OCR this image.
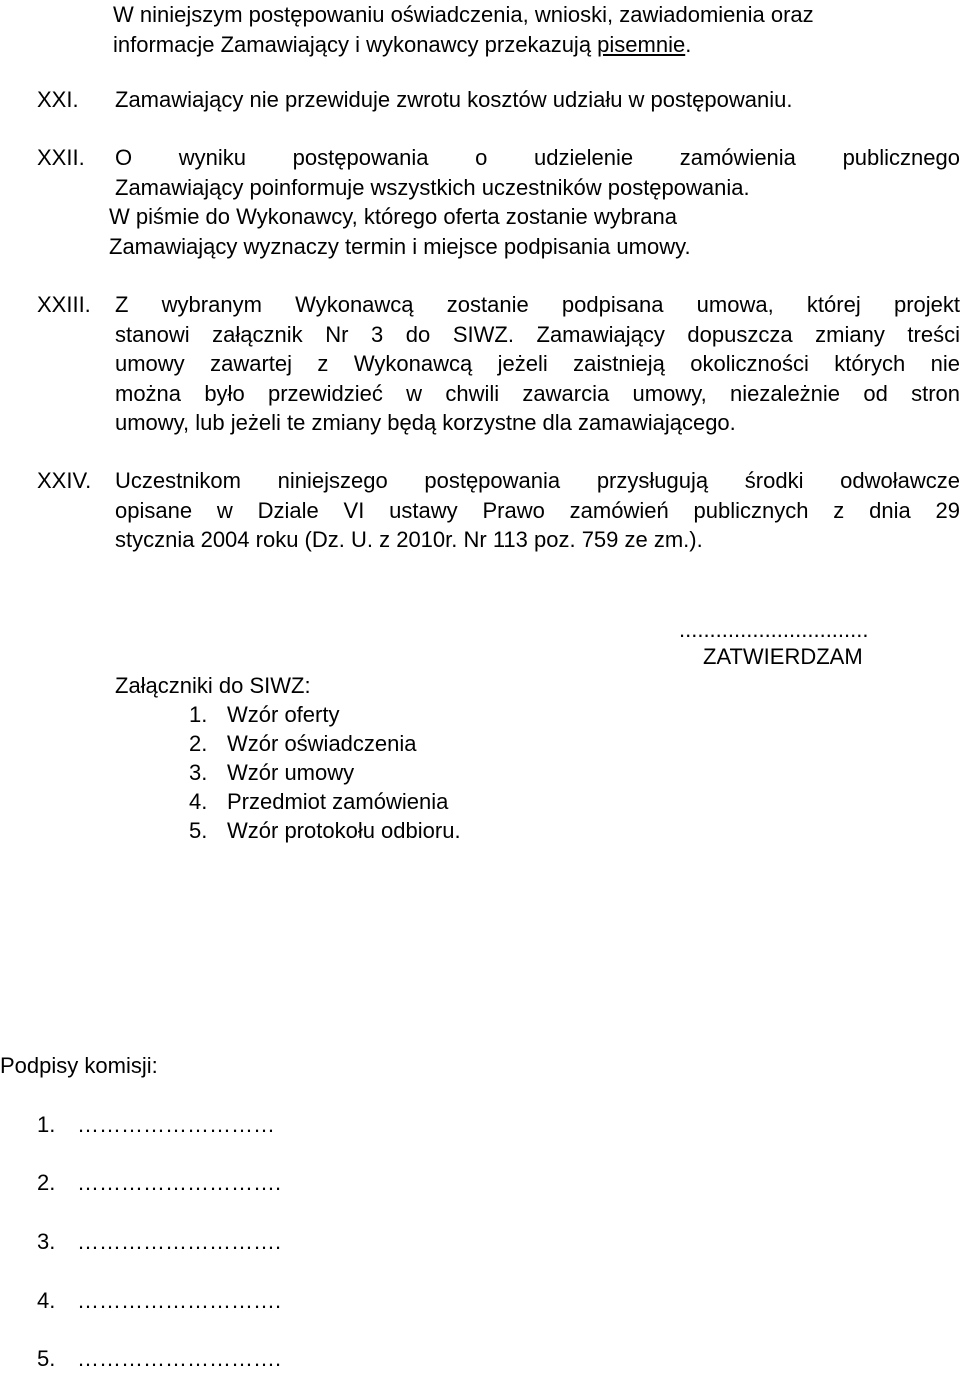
W niniejszym postępowaniu oświadczenia, wnioski, zawiadomienia oraz
informacje Zamawiający i wykonawcy przekazują pisemnie.
XXI. Zamawiający nie przewiduje zwrotu kosztów udziału w postępowaniu.
XXII. O wyniku postępowania o udzielenie zamówienia publicznego
Zamawiający poinformuje wszystkich uczestników postępowania.
W piśmie do Wykonawcy, którego oferta zostanie wybrana
Zamawiający wyznaczy termin i miejsce podpisania umowy.
XXIII. Z wybranym Wykonawcą zostanie podpisana umowa, której projekt
stanowi załącznik Nr 3 do SIWZ. Zamawiający dopuszcza zmiany treści
umowy zawartej z Wykonawcą jeżeli zaistnieją okoliczności których nie
można było przewidzieć w chwili zawarcia umowy, niezależnie od stron
umowy, lub jeżeli te zmiany będą korzystne dla zamawiającego.
XXIV. Uczestnikom niniejszego postępowania przysługują środki odwoławcze
opisane w Dziale VI ustawy Prawo zamówień publicznych z dnia 29
stycznia 2004 roku (Dz. U. z 2010r. Nr 113 poz. 759 ze zm.).
...............................
ZATWIERDZAM
Załączniki do SIWZ:
1. Wzór oferty
2. Wzór oświadczenia
3. Wzór umowy
4. Przedmiot zamówienia
5. Wzór protokołu odbioru.
Podpisy komisji:
1. ………………………
2. ……………………….
3. ……………………….
4. ……………………….
5. ……………………….
